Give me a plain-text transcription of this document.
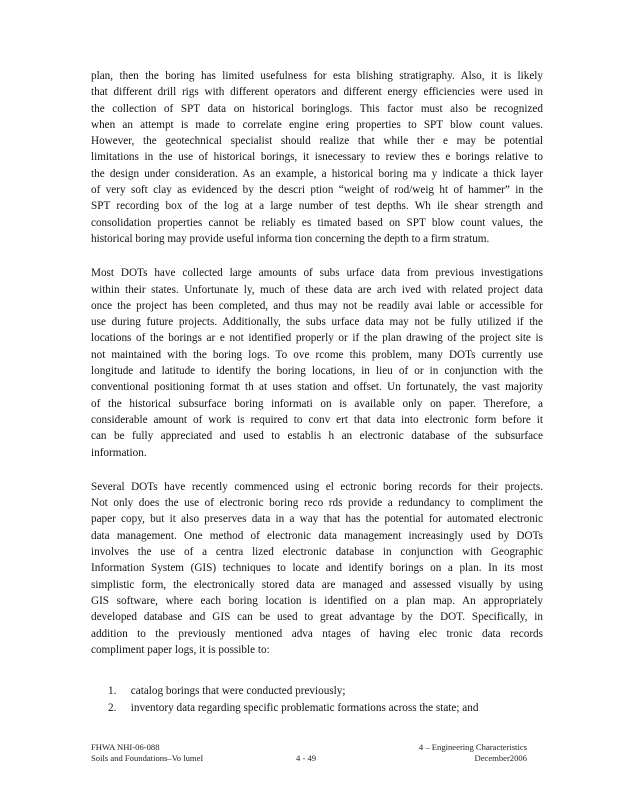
plan, then the boring has limited usefulness for esta blishing stratigraphy. Also, it is likely
that different drill rigs with different operators and different energy efficiencies were used in
the collection of SPT data on historical boringlogs. This factor must also be recognized
when an attempt is made to correlate engine ering properties to SPT blow count values.
However, the geotechnical specialist should realize that while ther e may be potential
limitations in the use of historical borings, it isnecessary to review thes e borings relative to
the design under consideration. As an example, a historical boring ma y indicate a thick layer
of very soft clay as evidenced by the descri ption “weight of rod/weig ht of hammer” in the
SPT recording box of the log at a large number of test depths. Wh ile shear strength and
consolidation properties cannot be reliably es timated based on SPT blow count values, the
historical boring may provide useful informa tion concerning the depth to a firm stratum.
Most DOTs have collected large amounts of subs urface data from previous investigations
within their states. Unfortunate ly, much of these data are arch ived with related project data
once the project has been completed, and thus may not be readily avai lable or accessible for
use during future projects. Additionally, the subs urface data may not be fully utilized if the
locations of the borings ar e not identified properly or if the plan drawing of the project site is
not maintained with the boring logs. To ove rcome this problem, many DOTs currently use
longitude and latitude to identify the boring locations, in lieu of or in conjunction with the
conventional positioning format th at uses station and offset. Un fortunately, the vast majority
of the historical subsurface boring informati on is available only on paper. Therefore, a
considerable amount of work is required to conv ert that data into electronic form before it
can be fully appreciated and used to establis h an electronic database of the subsurface
information.
Several DOTs have recently commenced using el ectronic boring records for their projects.
Not only does the use of electronic boring reco rds provide a redundancy to compliment the
paper copy, but it also preserves data in a way that has the potential for automated electronic
data management. One method of electronic data management increasingly used by DOTs
involves the use of a centra lized electronic database in conjunction with Geographic
Information System (GIS) techniques to locate and identify borings on a plan. In its most
simplistic form, the electronically stored data are managed and assessed visually by using
GIS software, where each boring location is identified on a plan map. An appropriately
developed database and GIS can be used to great advantage by the DOT. Specifically, in
addition to the previously mentioned adva ntages of having elec tronic data records
compliment paper logs, it is possible to:
1. catalog borings that were conducted previously;
2. inventory data regarding specific problematic formations across the state; and
FHWA NHI-06-088	4 – Engineering Characteristics
Soils and Foundations–Vo lumeI	4 - 49	December2006
